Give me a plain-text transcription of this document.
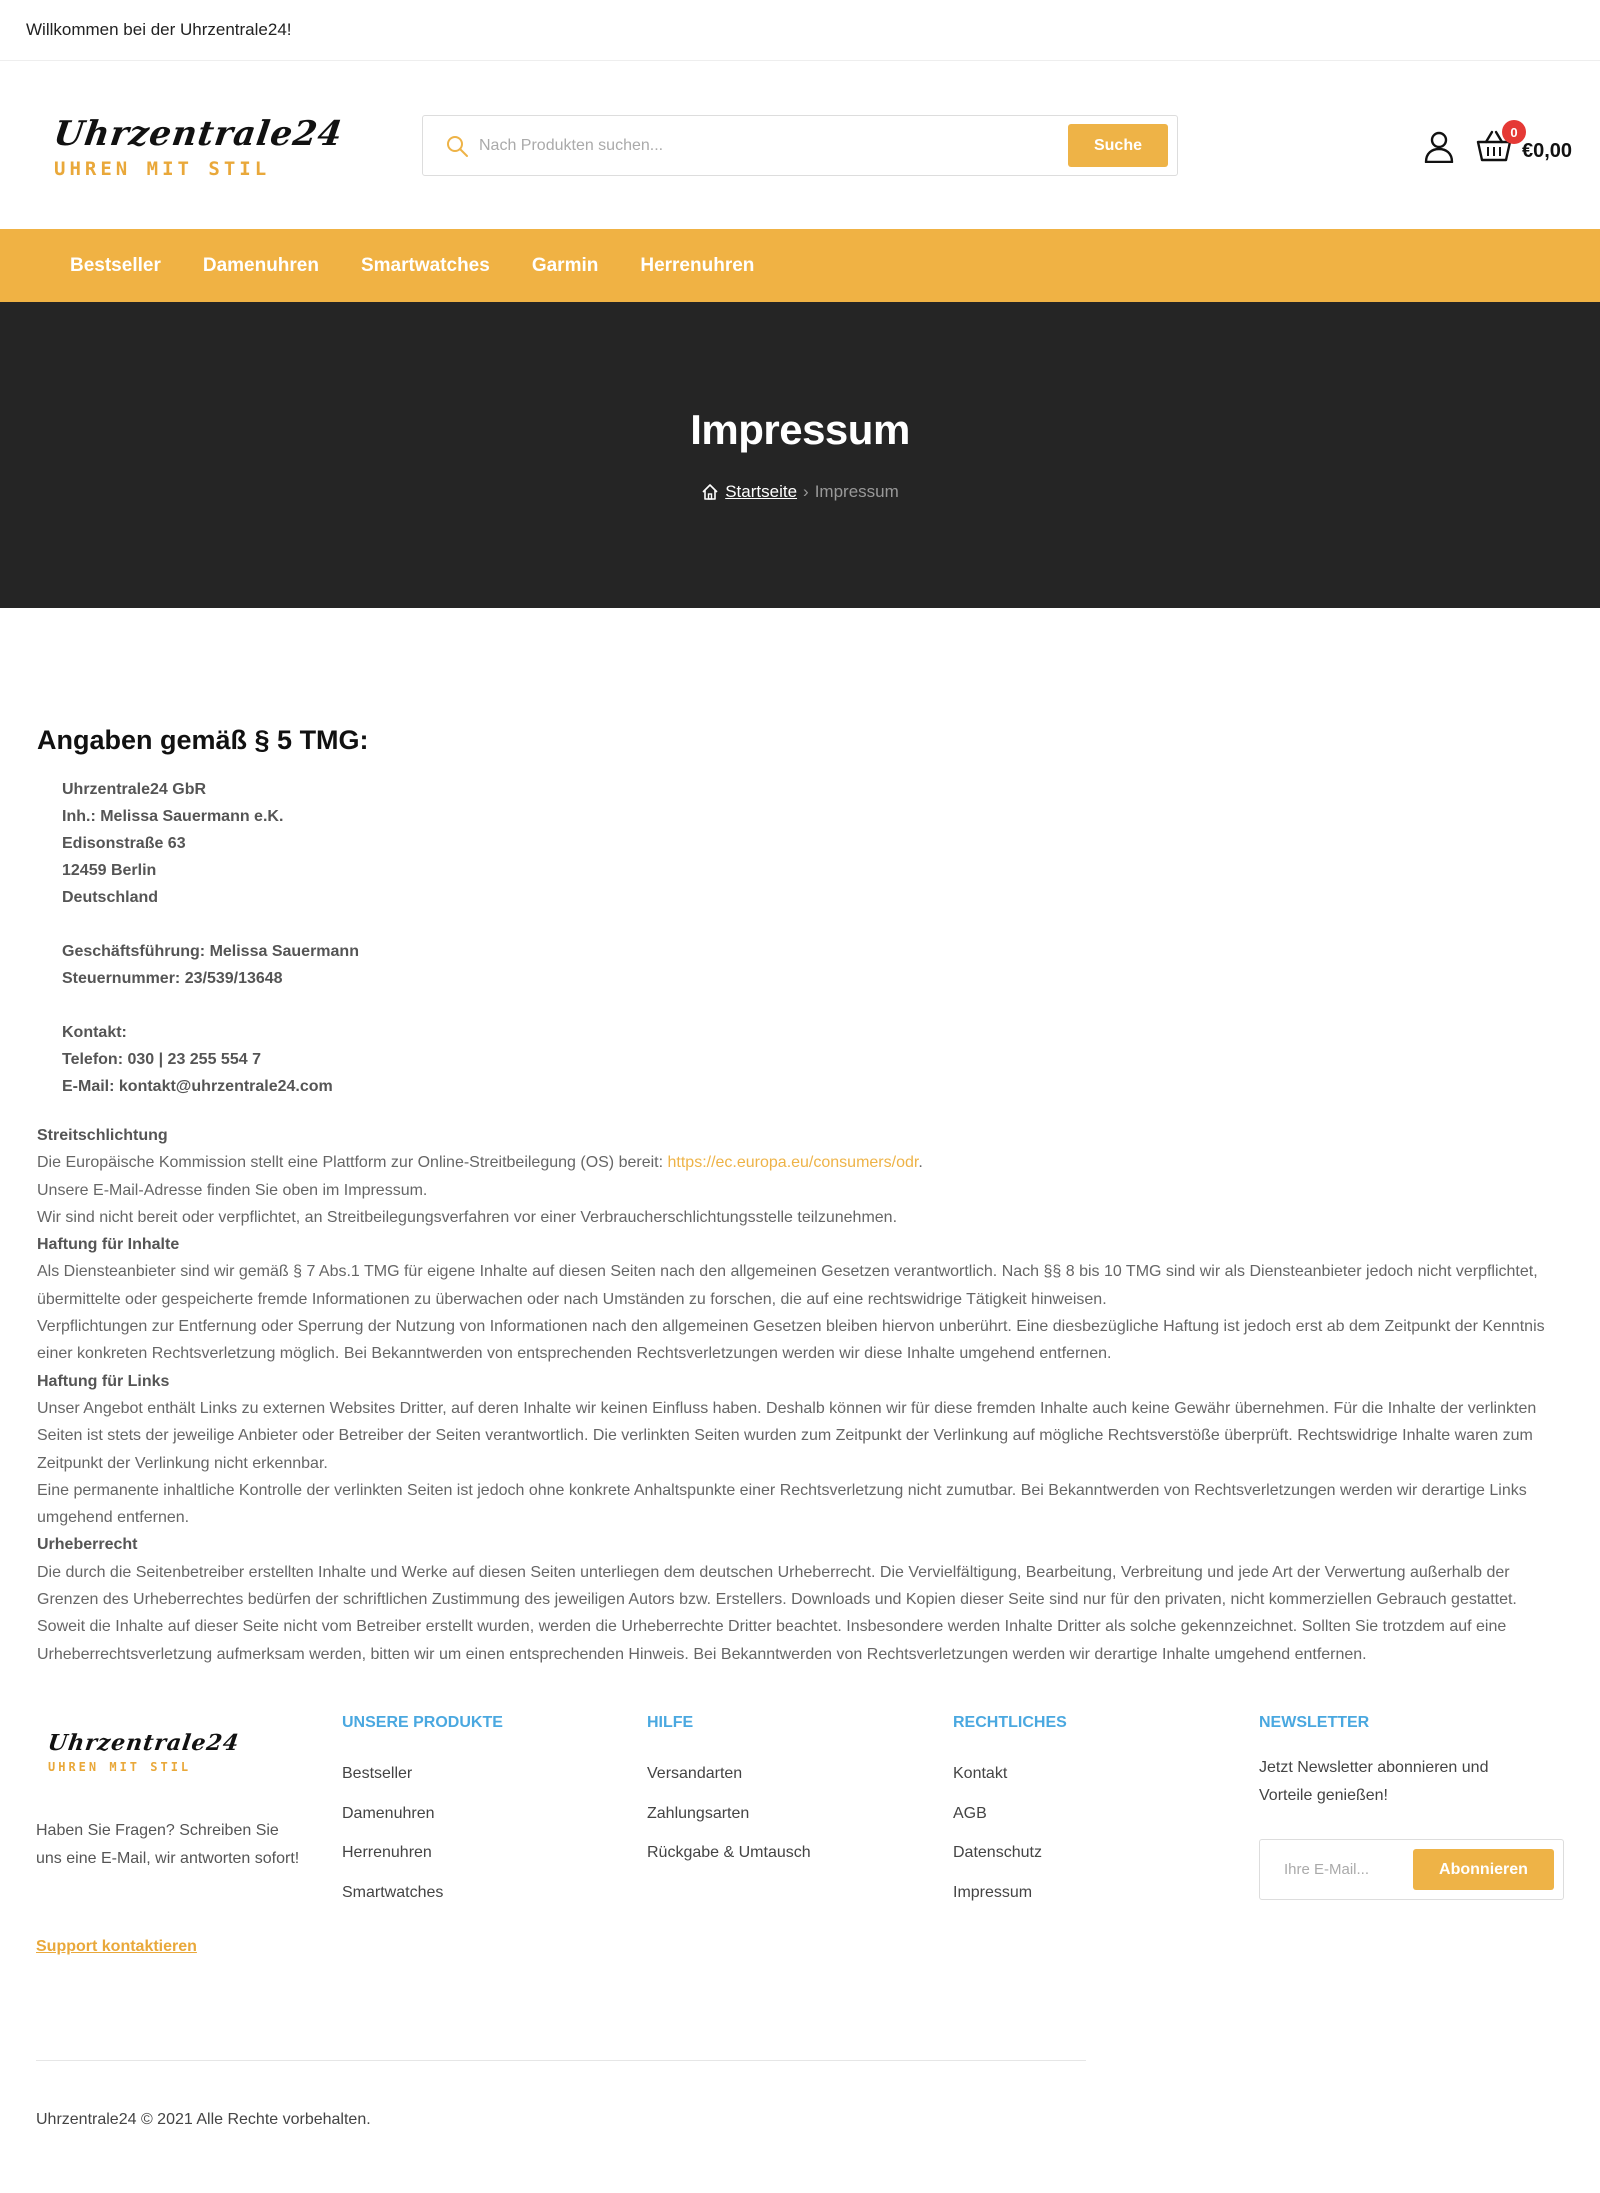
Willkommen bei der Uhrzentrale24!
Uhrzentrale24
UHREN MIT STIL
Nach Produkten suchen...
Suche
0
€0,00
Bestseller Damenuhren Smartwatches Garmin Herrenuhren
Impressum
Startseite › Impressum
Angaben gemäß § 5 TMG:
Uhrzentrale24 GbR
Inh.: Melissa Sauermann e.K.
Edisonstraße 63
12459 Berlin
Deutschland
Geschäftsführung: Melissa Sauermann
Steuernummer: 23/539/13648
Kontakt:
Telefon: 030 | 23 255 554 7
E-Mail: kontakt@uhrzentrale24.com
Streitschlichtung
Die Europäische Kommission stellt eine Plattform zur Online-Streitbeilegung (OS) bereit: https://ec.europa.eu/consumers/odr.
Unsere E-Mail-Adresse finden Sie oben im Impressum.
Wir sind nicht bereit oder verpflichtet, an Streitbeilegungsverfahren vor einer Verbraucherschlichtungsstelle teilzunehmen.
Haftung für Inhalte
Als Diensteanbieter sind wir gemäß § 7 Abs.1 TMG für eigene Inhalte auf diesen Seiten nach den allgemeinen Gesetzen verantwortlich. Nach §§ 8 bis 10 TMG sind wir als Diensteanbieter jedoch nicht verpflichtet, übermittelte oder gespeicherte fremde Informationen zu überwachen oder nach Umständen zu forschen, die auf eine rechtswidrige Tätigkeit hinweisen.
Verpflichtungen zur Entfernung oder Sperrung der Nutzung von Informationen nach den allgemeinen Gesetzen bleiben hiervon unberührt. Eine diesbezügliche Haftung ist jedoch erst ab dem Zeitpunkt der Kenntnis einer konkreten Rechtsverletzung möglich. Bei Bekanntwerden von entsprechenden Rechtsverletzungen werden wir diese Inhalte umgehend entfernen.
Haftung für Links
Unser Angebot enthält Links zu externen Websites Dritter, auf deren Inhalte wir keinen Einfluss haben. Deshalb können wir für diese fremden Inhalte auch keine Gewähr übernehmen. Für die Inhalte der verlinkten Seiten ist stets der jeweilige Anbieter oder Betreiber der Seiten verantwortlich. Die verlinkten Seiten wurden zum Zeitpunkt der Verlinkung auf mögliche Rechtsverstöße überprüft. Rechtswidrige Inhalte waren zum Zeitpunkt der Verlinkung nicht erkennbar.
Eine permanente inhaltliche Kontrolle der verlinkten Seiten ist jedoch ohne konkrete Anhaltspunkte einer Rechtsverletzung nicht zumutbar. Bei Bekanntwerden von Rechtsverletzungen werden wir derartige Links umgehend entfernen.
Urheberrecht
Die durch die Seitenbetreiber erstellten Inhalte und Werke auf diesen Seiten unterliegen dem deutschen Urheberrecht. Die Vervielfältigung, Bearbeitung, Verbreitung und jede Art der Verwertung außerhalb der Grenzen des Urheberrechtes bedürfen der schriftlichen Zustimmung des jeweiligen Autors bzw. Erstellers. Downloads und Kopien dieser Seite sind nur für den privaten, nicht kommerziellen Gebrauch gestattet.
Soweit die Inhalte auf dieser Seite nicht vom Betreiber erstellt wurden, werden die Urheberrechte Dritter beachtet. Insbesondere werden Inhalte Dritter als solche gekennzeichnet. Sollten Sie trotzdem auf eine Urheberrechtsverletzung aufmerksam werden, bitten wir um einen entsprechenden Hinweis. Bei Bekanntwerden von Rechtsverletzungen werden wir derartige Inhalte umgehend entfernen.
Uhrzentrale24
UHREN MIT STIL
Haben Sie Fragen? Schreiben Sie uns eine E-Mail, wir antworten sofort!
Support kontaktieren
UNSERE PRODUKTE
Bestseller
Damenuhren
Herrenuhren
Smartwatches
HILFE
Versandarten
Zahlungsarten
Rückgabe & Umtausch
RECHTLICHES
Kontakt
AGB
Datenschutz
Impressum
NEWSLETTER
Jetzt Newsletter abonnieren und Vorteile genießen!
Ihre E-Mail...
Abonnieren
Uhrzentrale24 © 2021 Alle Rechte vorbehalten.
